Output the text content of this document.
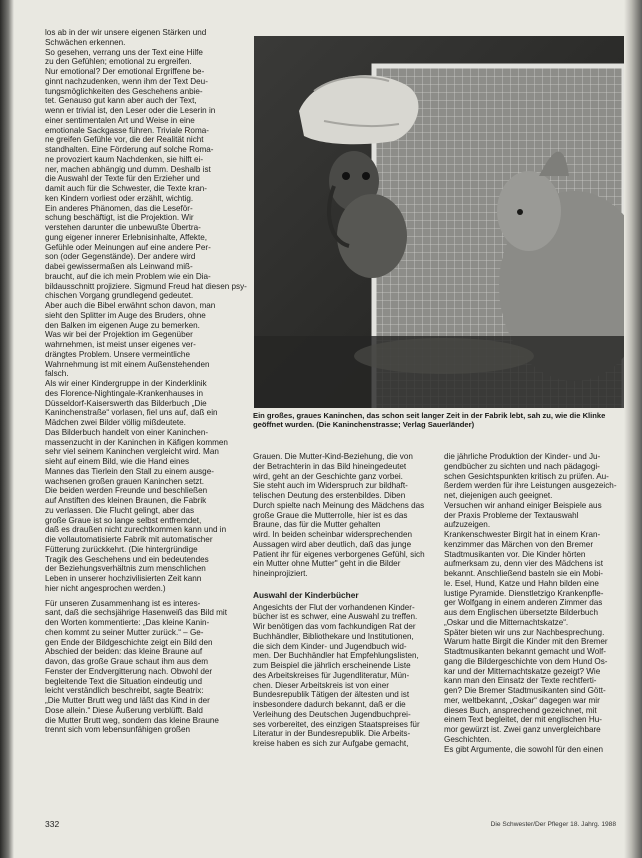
los ab in der wir unsere eigenen Stärken und

Schwächen erkennen.

So gesehen, verrang uns der Text eine Hilfe

zu den Gefühlen; emotional zu ergreifen.

Nur emotional? Der emotional Ergriffene be-

ginnt nachzudenken, wenn ihm der Text Deu-

tungsmöglichkeiten des Geschehens anbie-

tet. Genauso gut kann aber auch der Text,

wenn er trivial ist, den Leser oder die Leserin in

einer sentimentalen Art und Weise in eine

emotionale Sackgasse führen. Triviale Roma-

ne greifen Gefühle vor, die der Realität nicht

standhalten. Eine Förderung auf solche Roma-

ne provoziert kaum Nachdenken, sie hilft ei-

ner, machen abhängig und dumm. Deshalb ist

die Auswahl der Texte für den Erzieher und

damit auch für die Schwester, die Texte kran-

ken Kindern vorliest oder erzählt, wichtig.

Ein anderes Phänomen, das die Leseför-

schung beschäftigt, ist die Projektion. Wir

verstehen darunter die unbewußte Übertra-

gung eigener innerer Erlebnisinhalte, Affekte,

Gefühle oder Meinungen auf eine andere Per-

son (oder Gegenstände). Der andere wird

dabei gewissermaßen als Leinwand miß-

braucht, auf die ich mein Problem wie ein Dia-

bildausschnitt projiziere. Sigmund Freud hat diesen psy-

chischen Vorgang grundlegend gedeutet.

Aber auch die Bibel erwähnt schon davon, man

sieht den Splitter im Auge des Bruders, ohne

den Balken im eigenen Auge zu bemerken.

Was wir bei der Projektion im Gegenüber

wahrnehmen, ist meist unser eigenes ver-

drängtes Problem. Unsere vermeintliche

Wahrnehmung ist mit einem Außenstehenden

falsch.

Als wir einer Kindergruppe in der Kinderklinik

des Florence-Nightingale-Krankenhauses in

Düsseldorf-Kaiserswerth das Bilderbuch „Die

Kaninchenstraße“ vorlasen, fiel uns auf, daß ein

Mädchen zwei Bilder völlig mißdeutete.

Das Bilderbuch handelt von einer Kaninchen-

massenzucht in der Kaninchen in Käfigen kommen

sehr viel seinem Kaninchen vergleicht wird. Man

sieht auf einem Bild, wie die Hand eines

Mannes das Tierlein den Stall zu einem ausge-

wachsenen großen grauen Kaninchen setzt.

Die beiden werden Freunde und beschließen

auf Anstiften des kleinen Braunen, die Fabrik

zu verlassen. Die Flucht gelingt, aber das

große Graue ist so lange selbst entfremdet,

daß es draußen nicht zurechtkommen kann und in

die vollautomatisierte Fabrik mit automatischer

Fütterung zurückkehrt. (Die hintergründige

Tragik des Geschehens und ein bedeutendes

der Beziehungsverhältnis zum menschlichen

Leben in unserer hochzivilisierten Zeit kann

hier nicht angesprochen werden.)

Für unseren Zusammenhang ist es interes-

sant, daß die sechsjährige Hasenweiß das Bild mit

den Worten kommentierte: „Das kleine Kanin-

chen kommt zu seiner Mutter zurück.“ – Ge-

gen Ende der Bildgeschichte zeigt ein Bild den

Abschied der beiden: das kleine Braune auf

davon, das große Graue schaut ihm aus dem

Fenster der Endvergitterung nach. Obwohl der

begleitende Text die Situation eindeutig und

leicht verständlich beschreibt, sagte Beatrix:

„Die Mutter Brutt weg und läßt das Kind in der

Dose allein.“ Diese Äußerung verblüfft. Bald

die Mutter Brutt weg, sondern das kleine Braune

trennt sich vom lebensunfähigen großen

Ein großes, graues Kaninchen, das schon seit langer Zeit in der Fabrik lebt, sah zu, wie die Klinke geöffnet wurden. (Die Kaninchenstrasse; Verlag Sauerländer)

Grauen. Die Mutter-Kind-Beziehung, die von

der Betrachterin in das Bild hineingedeutet

wird, geht an der Geschichte ganz vorbei.

Sie steht auch im Widerspruch zur bildhaft-

telischen Deutung des erstenbildes. Diben

Durch spielte nach Meinung des Mädchens das

große Graue die Mutterrolle, hier ist es das

Braune, das für die Mutter gehalten

wird. In beiden scheinbar widersprechenden

Aussagen wird aber deutlich, daß das junge

Patient ihr für eigenes verborgenes Gefühl, sich

ein Mutter ohne Mutter" geht in die Bilder

hineinprojiziert.

Auswahl der Kinderbücher

Angesichts der Flut der vorhandenen Kinder-

bücher ist es schwer, eine Auswahl zu treffen.

Wir benötigen das vom fachkundigen Rat der

Buchhändler, Bibliothekare und Institutionen,

die sich dem Kinder- und Jugendbuch wid-

men. Der Buchhändler hat Empfehlungslisten,

zum Beispiel die jährlich erscheinende Liste

des Arbeitskreises für Jugendliteratur, Mün-

chen. Dieser Arbeitskreis ist von einer

Bundesrepublik Tätigen der ältesten und ist

insbesondere dadurch bekannt, daß er die

Verleihung des Deutschen Jugendbuchprei-

ses vorbereitet, des einzigen Staatspreises für

Literatur in der Bundesrepublik. Die Arbeits-

kreise haben es sich zur Aufgabe gemacht,

die jährliche Produktion der Kinder- und Ju-

gendbücher zu sichten und nach pädagogi-

schen Gesichtspunkten kritisch zu prüfen. Au-

ßerdem werden für ihre Leistungen ausgezeich-

net, diejenigen auch geeignet.

Versuchen wir anhand einiger Beispiele aus

der Praxis Probleme der Textauswahl

aufzuzeigen.

Krankenschwester Birgit hat in einem Kran-

kenzimmer das Märchen von den Bremer

Stadtmusikanten vor. Die Kinder hörten

aufmerksam zu, denn vier des Mädchens ist

bekannt. Anschließend basteln sie ein Mobi-

le. Esel, Hund, Katze und Hahn bilden eine

lustige Pyramide. Dienstletzigo Krankenpfle-

ger Wolfgang in einem anderen Zimmer das

aus dem Englischen übersetzte Bilderbuch

„Oskar und die Mitternachtskatze“.

Später bieten wir uns zur Nachbesprechung.

Warum hatte Birgit die Kinder mit den Bremer

Stadtmusikanten bekannt gemacht und Wolf-

gang die Bildergeschichte von dem Hund Os-

kar und der Mitternachtskatze gezeigt? Wie

kann man den Einsatz der Texte rechtferti-

gen? Die Bremer Stadtmusikanten sind Gött-

mer, weltbekannt, „Oskar“ dagegen war mir

dieses Buch, ansprechend gezeichnet, mit

einem Text begleitet, der mit englischen Hu-

mor gewürzt ist. Zwei ganz unvergleichbare

Geschichten.

Es gibt Argumente, die sowohl für den einen

332	Die Schwester/Der Pfleger 18. Jahrg. 1988
